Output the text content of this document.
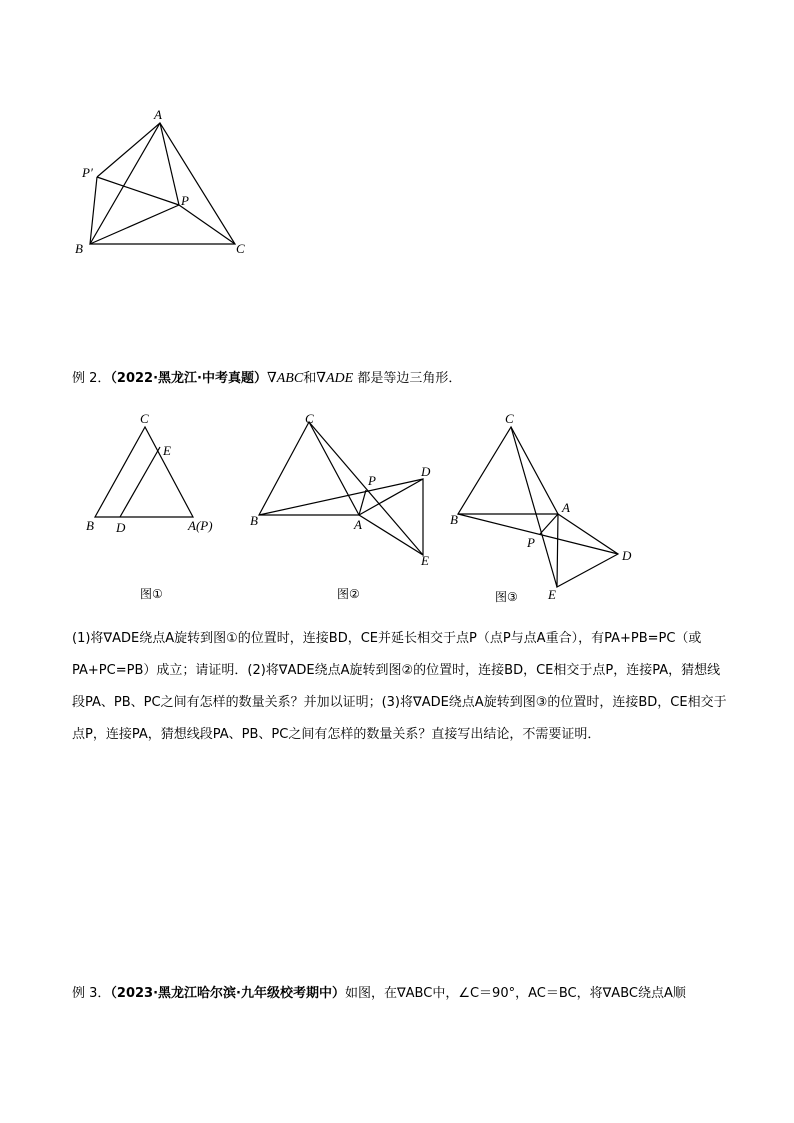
A
P′
P
B	C
例 2．（2022·黑龙江·中考真题）∇ABC和∇ADE 都是等边三角形．
C
E
B D	A(P)
图①
C
P
D
B	A
E
图②
C
A
B
P
D
E
图③
(1)将∇ADE绕点A旋转到图①的位置时，连接BD，CE并延长相交于点P（点P与点A重合），有PA+PB=PC（或PA+PC=PB）成立；请证明．(2)将∇ADE绕点A旋转到图②的位置时，连接BD，CE相交于点P，连接PA，猜想线段PA、PB、PC之间有怎样的数量关系？并加以证明；(3)将∇ADE绕点A旋转到图③的位置时，连接BD，CE相交于点P，连接PA，猜想线段PA、PB、PC之间有怎样的数量关系？直接写出结论，不需要证明．
例 3．（2023·黑龙江哈尔滨·九年级校考期中）如图，在∇ABC中，∠C＝90°，AC＝BC，将∇ABC绕点A顺
